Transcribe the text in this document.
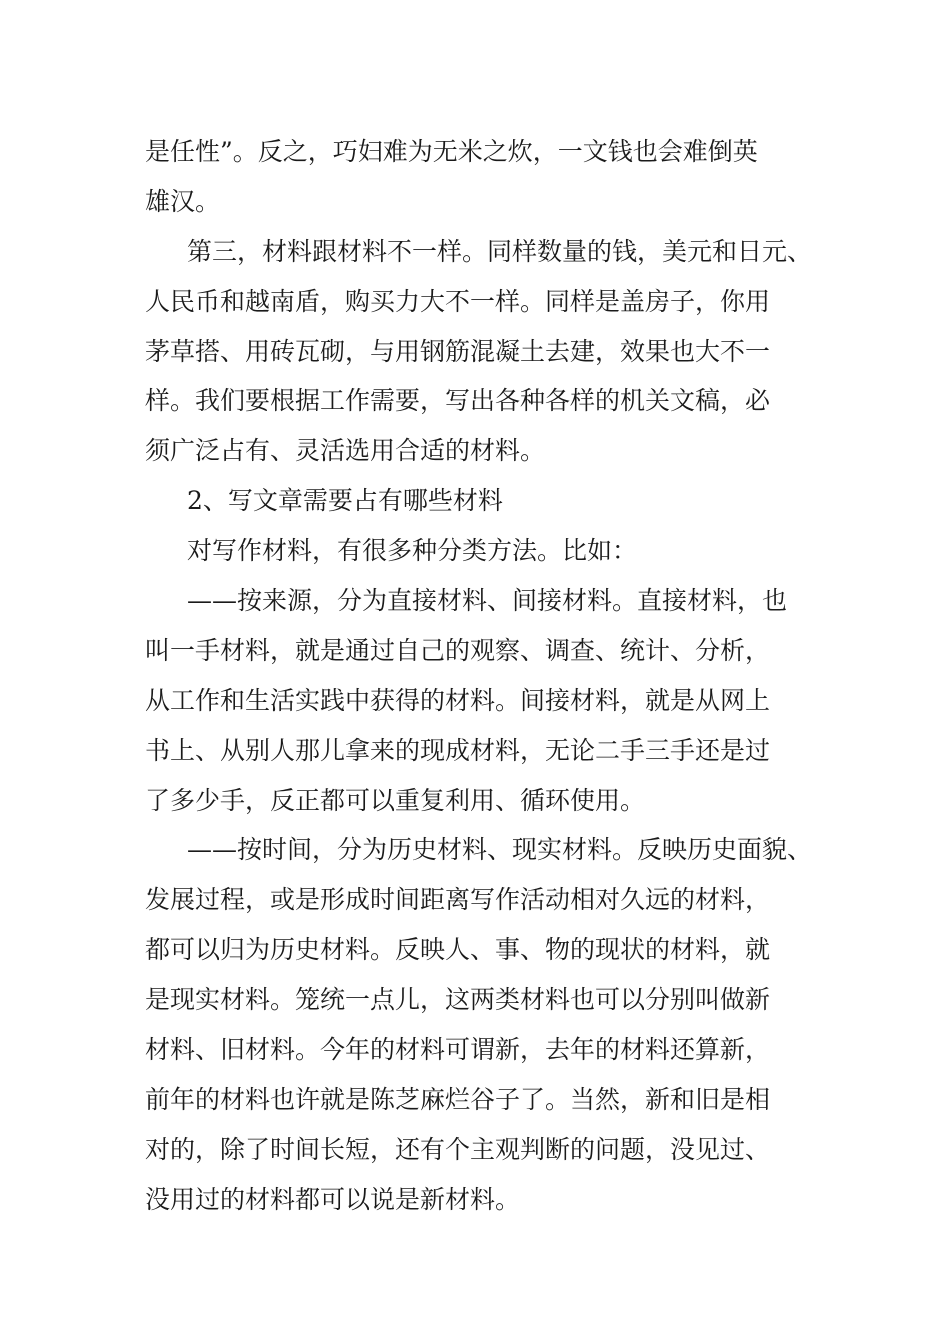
是任性”。反之，巧妇难为无米之炊，一文钱也会难倒英
雄汉。
第三，材料跟材料不一样。同样数量的钱，美元和日元、
人民币和越南盾，购买力大不一样。同样是盖房子，你用
茅草搭、用砖瓦砌，与用钢筋混凝土去建，效果也大不一
样。我们要根据工作需要，写出各种各样的机关文稿，必
须广泛占有、灵活选用合适的材料。
2、写文章需要占有哪些材料
对写作材料，有很多种分类方法。比如：
——按来源，分为直接材料、间接材料。直接材料，也
叫一手材料，就是通过自己的观察、调查、统计、分析，
从工作和生活实践中获得的材料。间接材料，就是从网上
书上、从别人那儿拿来的现成材料，无论二手三手还是过
了多少手，反正都可以重复利用、循环使用。
——按时间，分为历史材料、现实材料。反映历史面貌、
发展过程，或是形成时间距离写作活动相对久远的材料，
都可以归为历史材料。反映人、事、物的现状的材料，就
是现实材料。笼统一点儿，这两类材料也可以分别叫做新
材料、旧材料。今年的材料可谓新，去年的材料还算新，
前年的材料也许就是陈芝麻烂谷子了。当然，新和旧是相
对的，除了时间长短，还有个主观判断的问题，没见过、
没用过的材料都可以说是新材料。
